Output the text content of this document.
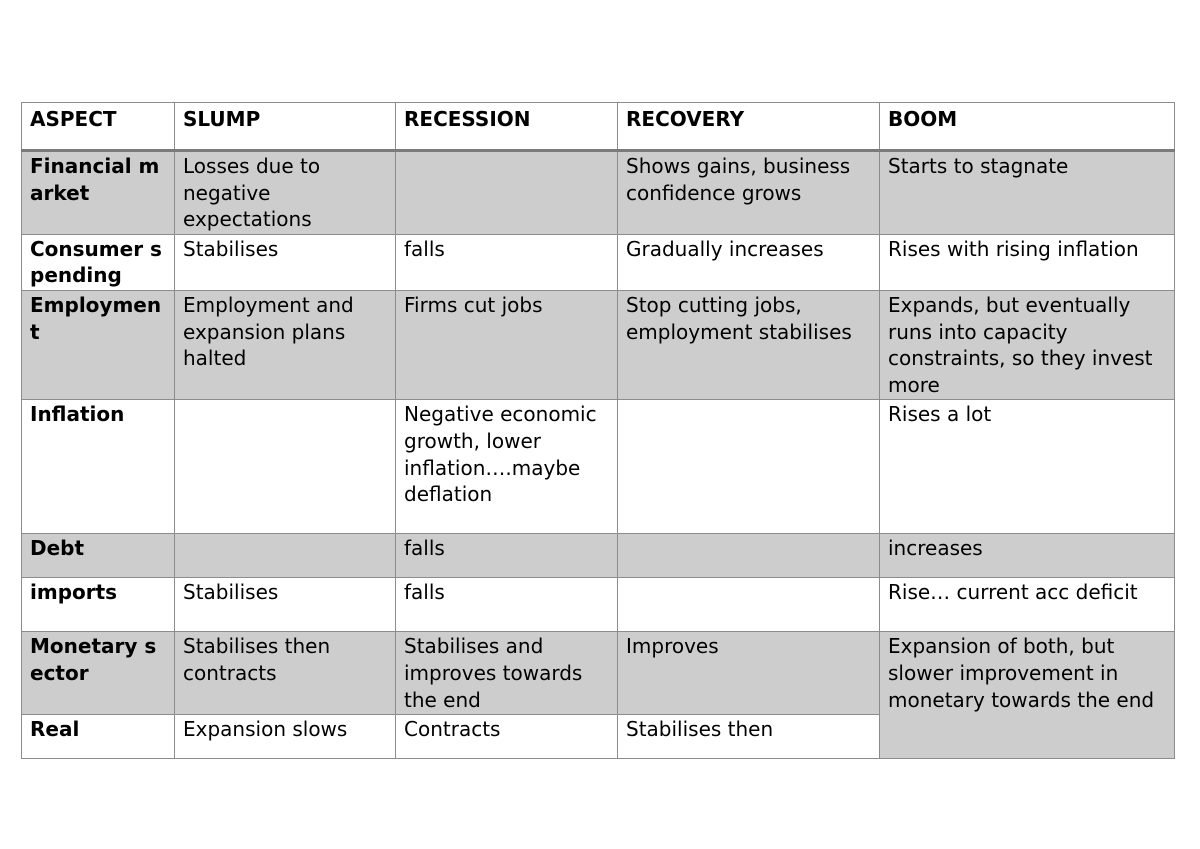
ASPECT	SLUMP	RECESSION	RECOVERY	BOOM
Financial market	Losses due to negative expectations		Shows gains, business confidence grows	Starts to stagnate
Consumer spending	Stabilises	falls	Gradually increases	Rises with rising inflation
Employment	Employment and expansion plans halted	Firms cut jobs	Stop cutting jobs, employment stabilises	Expands, but eventually runs into capacity constraints, so they invest more
Inflation		Negative economic growth, lower inflation….maybe deflation		Rises a lot
Debt		falls		increases
imports	Stabilises	falls		Rise… current acc deficit
Monetary sector	Stabilises then contracts	Stabilises and improves towards the end	Improves	Expansion of both, but slower improvement in monetary towards the end
Real	Expansion slows	Contracts	Stabilises then	
